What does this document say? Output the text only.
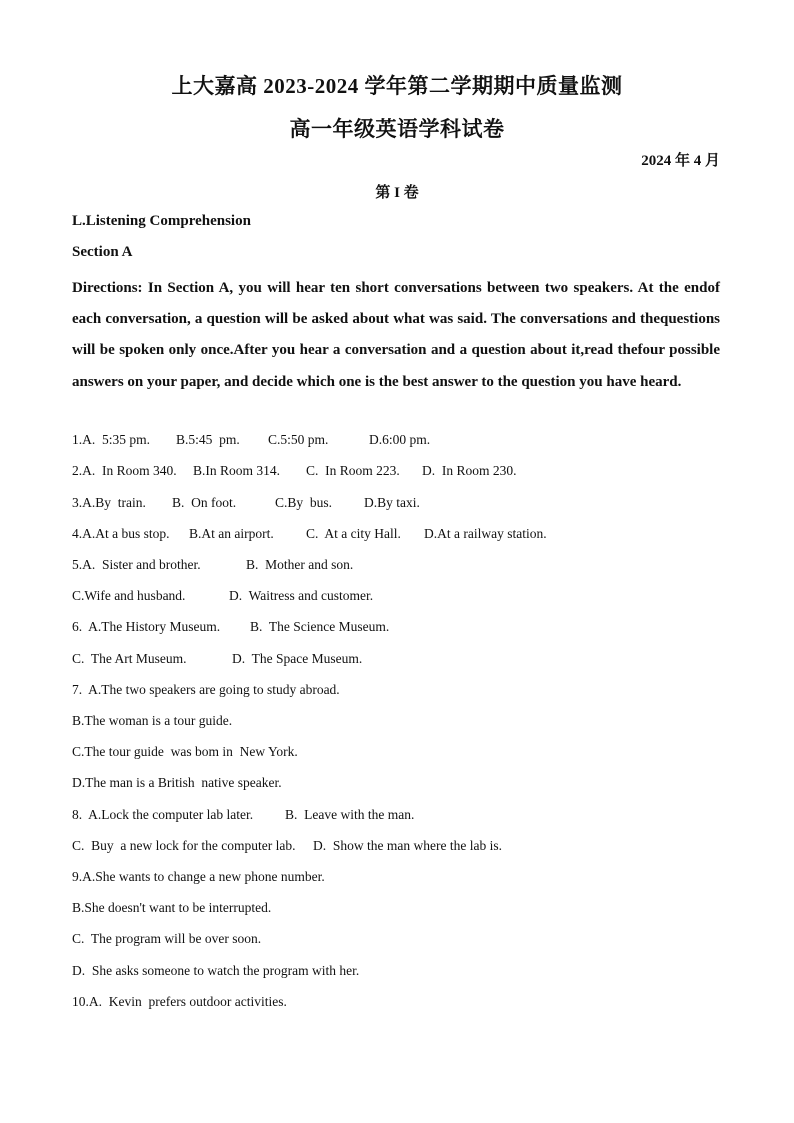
上大嘉高 2023-2024 学年第二学期期中质量监测
高一年级英语学科试卷
2024 年 4 月
第 I 卷
L.Listening Comprehension
Section A
Directions: In Section A, you will hear ten short conversations between two speakers. At the endof each conversation, a question will be asked about what was said. The conversations and thequestions will be spoken only once.After you hear a conversation and a question about it,read thefour possible answers on your paper, and decide which one is the best answer to the question you have heard.
1.A.  5:35 pm. B.5:45  pm. C.5:50 pm.	D.6:00 pm.
2.A.  In Room 340. B.In Room 314. C.  In Room 223. D.  In Room 230.
3.A.By  train. B.  On foot.	C.By  bus. D.By taxi.
4.A.At a bus stop. B.At an airport. C.  At a city Hall. D.At a railway station.
5.A.  Sister and brother.	B.  Mother and son.
C.Wife and husband.	D.  Waitress and customer.
6.  A.The History Museum. B.  The Science Museum.
C.  The Art Museum.	D.  The Space Museum.
7.  A.The two speakers are going to study abroad.
B.The woman is a tour guide.
C.The tour guide  was bom in  New York.
D.The man is a British  native speaker.
8.  A.Lock the computer lab later. B.  Leave with the man.
C.  Buy  a new lock for the computer lab. D.  Show the man where the lab is.
9.A.She wants to change a new phone number.
B.She doesn't want to be interrupted.
C.  The program will be over soon.
D.  She asks someone to watch the program with her.
10.A.  Kevin  prefers outdoor activities.
